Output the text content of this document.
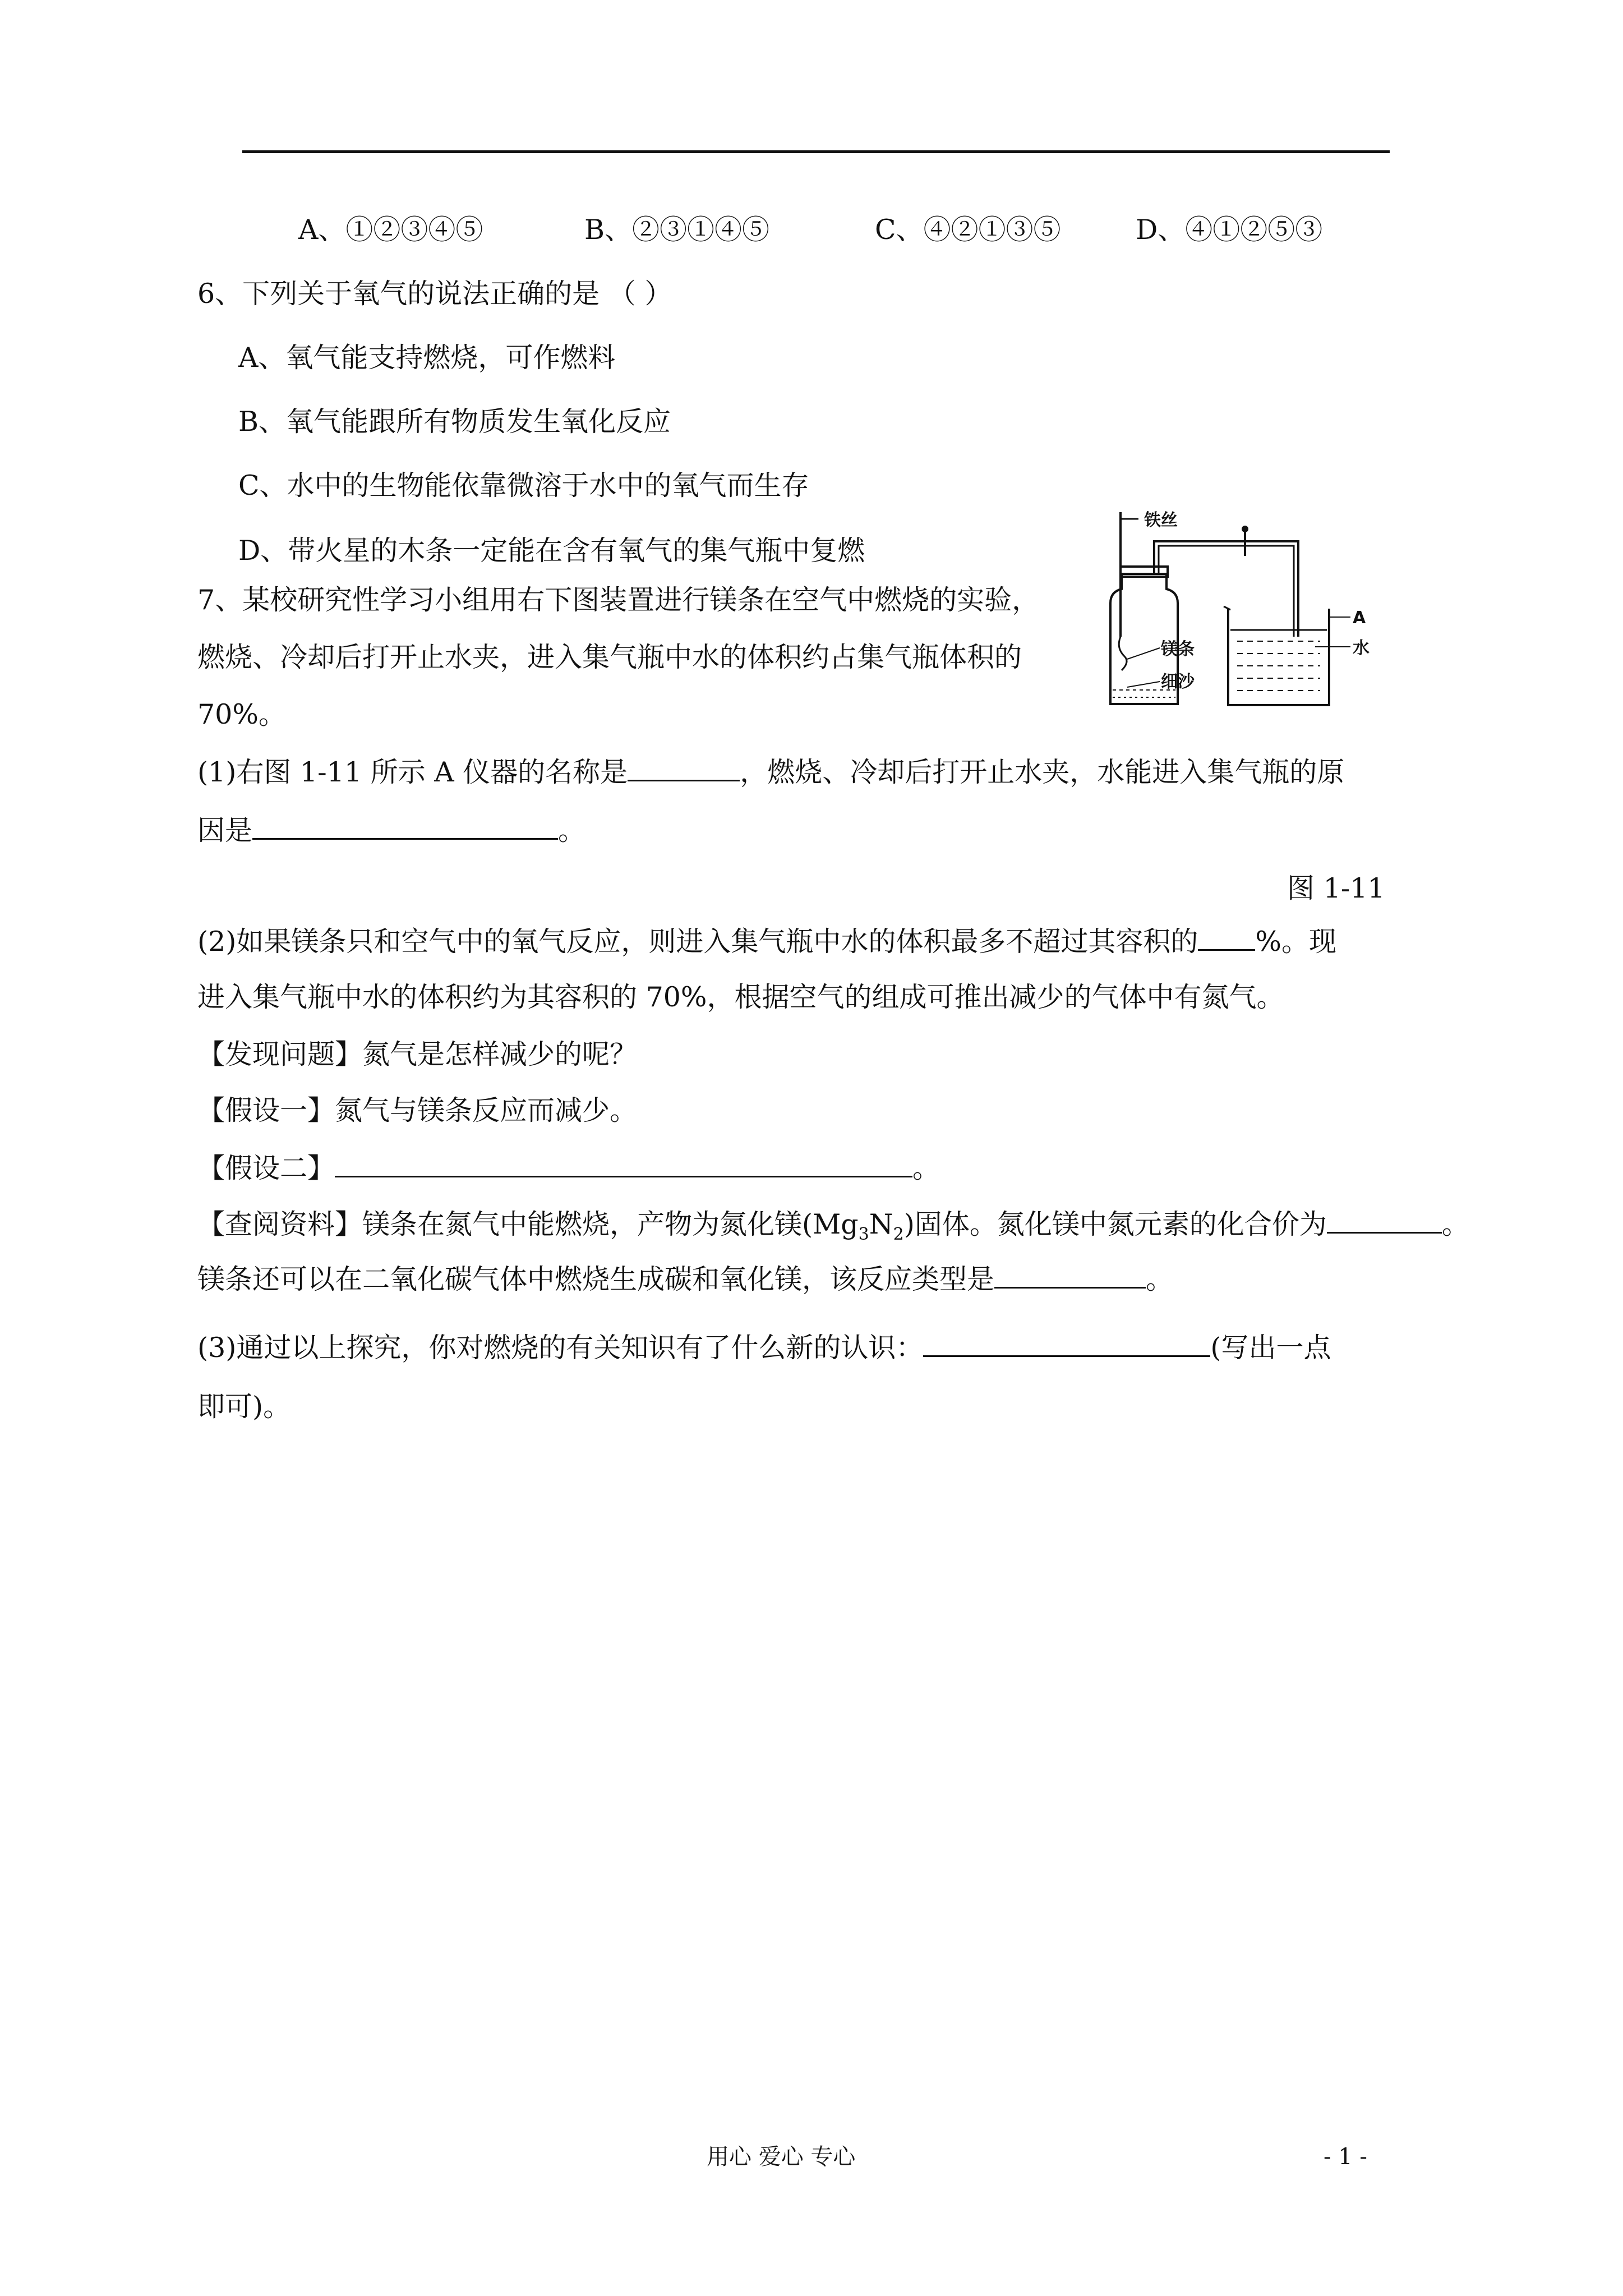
A、①②③④⑤	B、②③①④⑤	C、④②①③⑤	D、④①②⑤③
6、下列关于氧气的说法正确的是 （ ）
A、氧气能支持燃烧，可作燃料
B、氧气能跟所有物质发生氧化反应
C、水中的生物能依靠微溶于水中的氧气而生存
D、带火星的木条一定能在含有氧气的集气瓶中复燃
7、某校研究性学习小组用右下图装置进行镁条在空气中燃烧的实验，
燃烧、冷却后打开止水夹，进入集气瓶中水的体积约占集气瓶体积的
70%。
铁丝
镁条
细沙
A
水
(1)右图 1-11 所示 A 仪器的名称是	，燃烧、冷却后打开止水夹，水能进入集气瓶的原
因是	。
图 1-11
(2)如果镁条只和空气中的氧气反应，则进入集气瓶中水的体积最多不超过其容积的 %。现
进入集气瓶中水的体积约为其容积的 70%，根据空气的组成可推出减少的气体中有氮气。
【发现问题】氮气是怎样减少的呢？
【假设一】氮气与镁条反应而减少。
【假设二】	。
【查阅资料】镁条在氮气中能燃烧，产物为氮化镁$(Mg_3N_2)$固体。氮化镁中氮元素的化合价为	。
镁条还可以在二氧化碳气体中燃烧生成碳和氧化镁，该反应类型是	。
(3)通过以上探究，你对燃烧的有关知识有了什么新的认识：	(写出一点
即可)。
用心 爱心 专心	- 1 -
